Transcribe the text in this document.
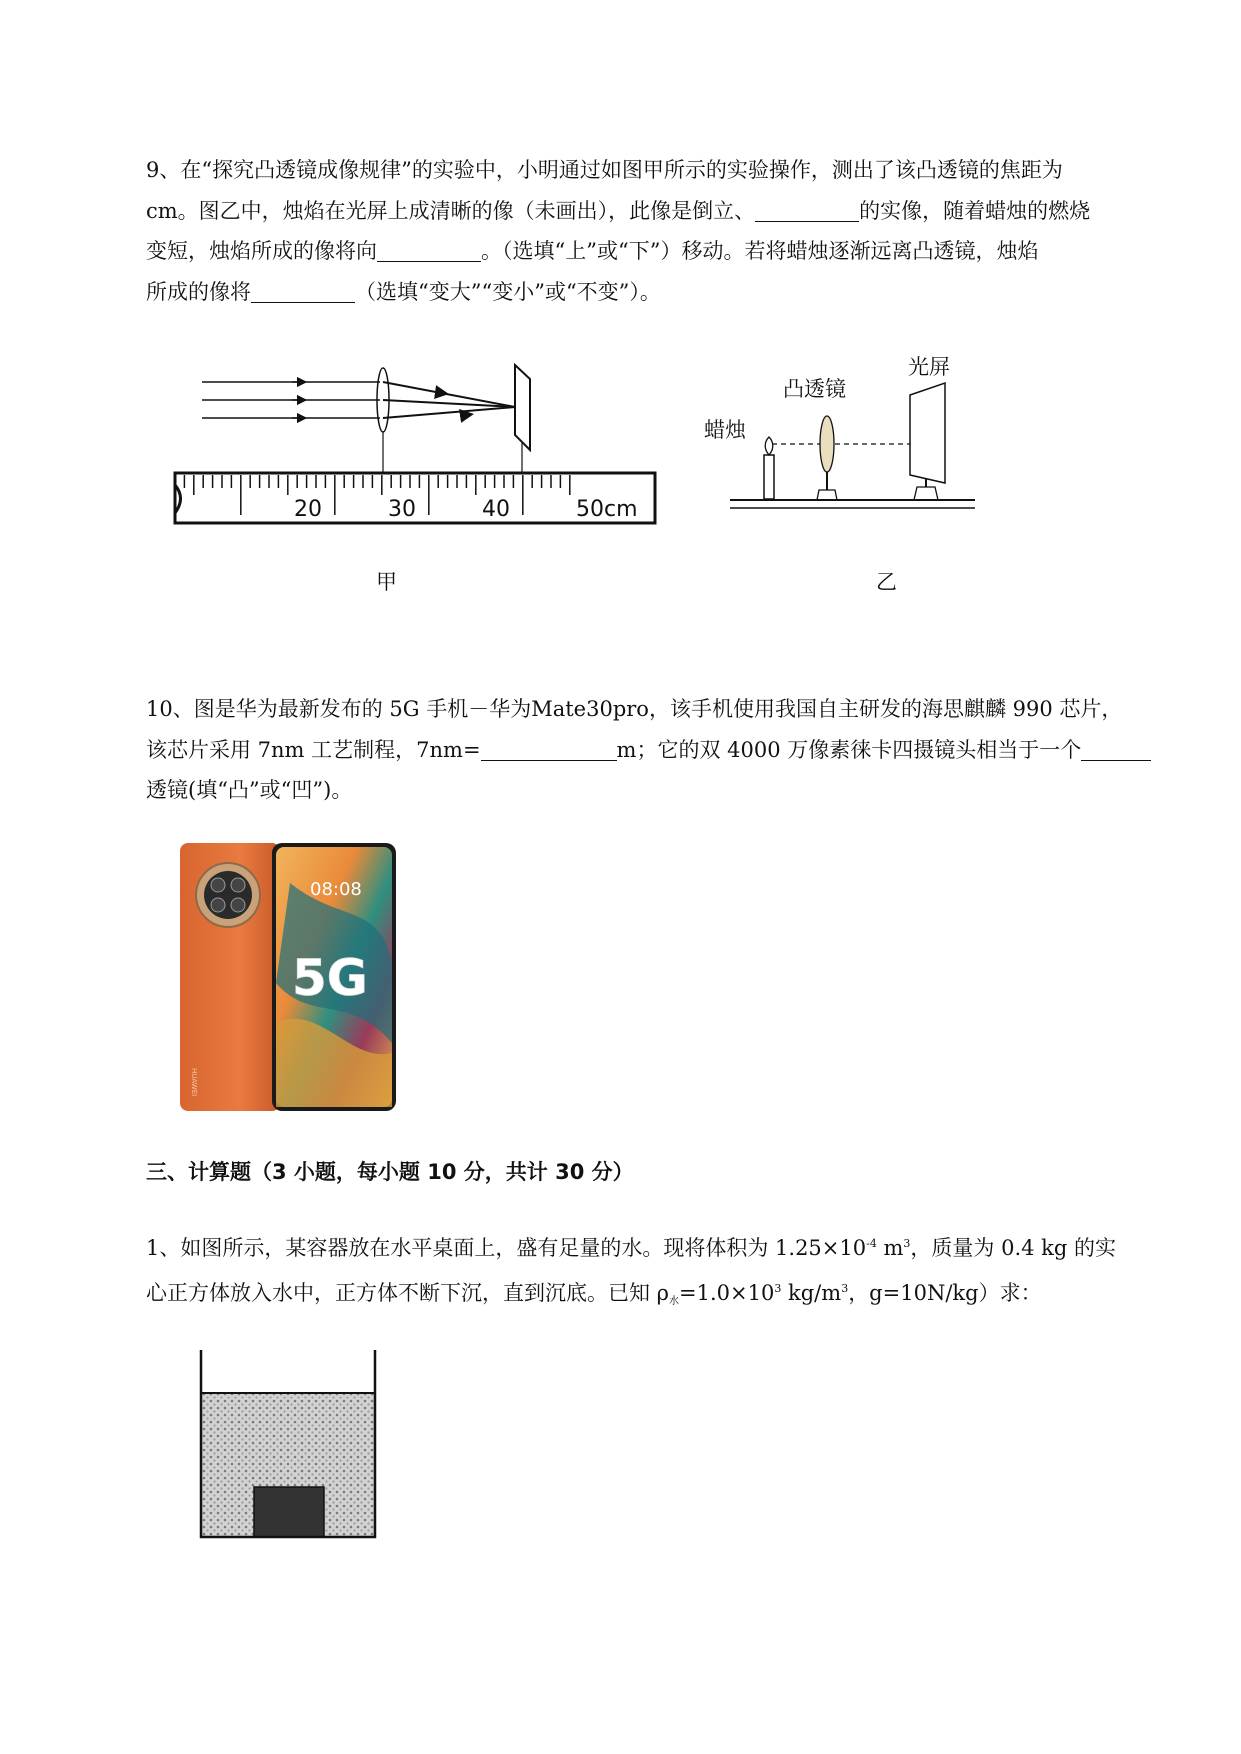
9、在“探究凸透镜成像规律”的实验中，小明通过如图甲所示的实验操作，测出了该凸透镜的焦距为
cm。图乙中，烛焰在光屏上成清晰的像（未画出），此像是倒立、	的实像，随着蜡烛的燃烧
变短，烛焰所成的像将向	。（选填“上”或“下”）移动。若将蜡烛逐渐远离凸透镜，烛焰
所成的像将	（选填“变大”“变小”或“不变”）。
20	30	40	50cm
甲
蜡烛
凸透镜
光屏
乙
10、图是华为最新发布的 5G 手机－华为Mate30pro，该手机使用我国自主研发的海思麒麟 990 芯片，
该芯片采用 7nm 工艺制程，7nm=	m；它的双 4000 万像素徕卡四摄镜头相当于一个
透镜(填“凸”或“凹”)。
HUAWEI
08:08
5G
三、计算题（3 小题，每小题 10 分，共计 30 分）
1、如图所示，某容器放在水平桌面上，盛有足量的水。现将体积为 $1.25\times 10^{-4}$ $m^3$，质量为 0.4 kg 的实
心正方体放入水中，正方体不断下沉，直到沉底。已知 $\rho_水=1.0\times 10^3$ $kg/m^3$，g=10N/kg）求：
